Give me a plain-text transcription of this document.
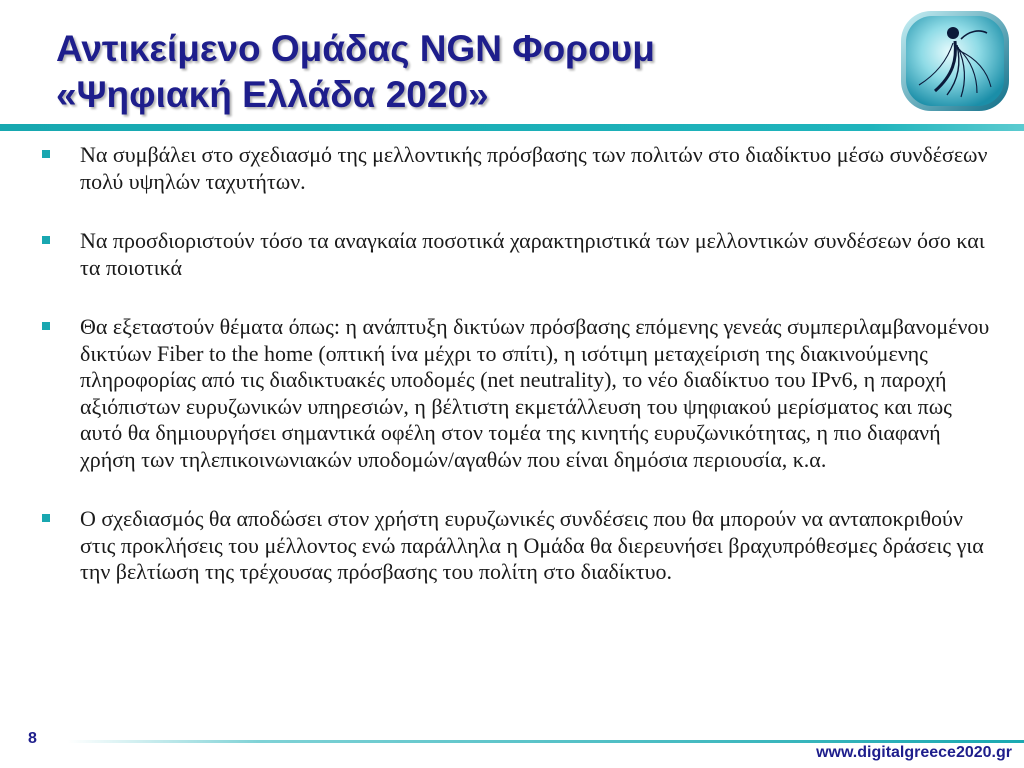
Αντικείμενο Ομάδας NGN Φορουμ
«Ψηφιακή Ελλάδα 2020»
Να συμβάλει στο σχεδιασμό της μελλοντικής πρόσβασης των πολιτών στο διαδίκτυο μέσω συνδέσεων πολύ υψηλών ταχυτήτων.
Να προσδιοριστούν τόσο τα αναγκαία ποσοτικά χαρακτηριστικά των μελλοντικών συνδέσεων όσο και τα ποιοτικά
Θα εξεταστούν θέματα όπως: η ανάπτυξη δικτύων πρόσβασης επόμενης γενεάς συμπεριλαμβανομένου δικτύων Fiber to the home (οπτική ίνα μέχρι το σπίτι), η ισότιμη μεταχείριση της διακινούμενης πληροφορίας από τις διαδικτυακές υποδομές (net neutrality), το νέο διαδίκτυο του IPv6, η παροχή αξιόπιστων ευρυζωνικών υπηρεσιών, η βέλτιστη εκμετάλλευση του ψηφιακού μερίσματος και πως αυτό θα δημιουργήσει σημαντικά οφέλη στον τομέα της κινητής ευρυζωνικότητας, η πιο διαφανή χρήση των τηλεπικοινωνιακών υποδομών/αγαθών που είναι δημόσια περιουσία, κ.α.
Ο σχεδιασμός θα αποδώσει στον χρήστη ευρυζωνικές συνδέσεις που θα μπορούν να ανταποκριθούν στις προκλήσεις του μέλλοντος ενώ παράλληλα η Ομάδα θα διερευνήσει βραχυπρόθεσμες δράσεις για την βελτίωση της τρέχουσας πρόσβασης του πολίτη στο διαδίκτυο.
8
www.digitalgreece2020.gr
